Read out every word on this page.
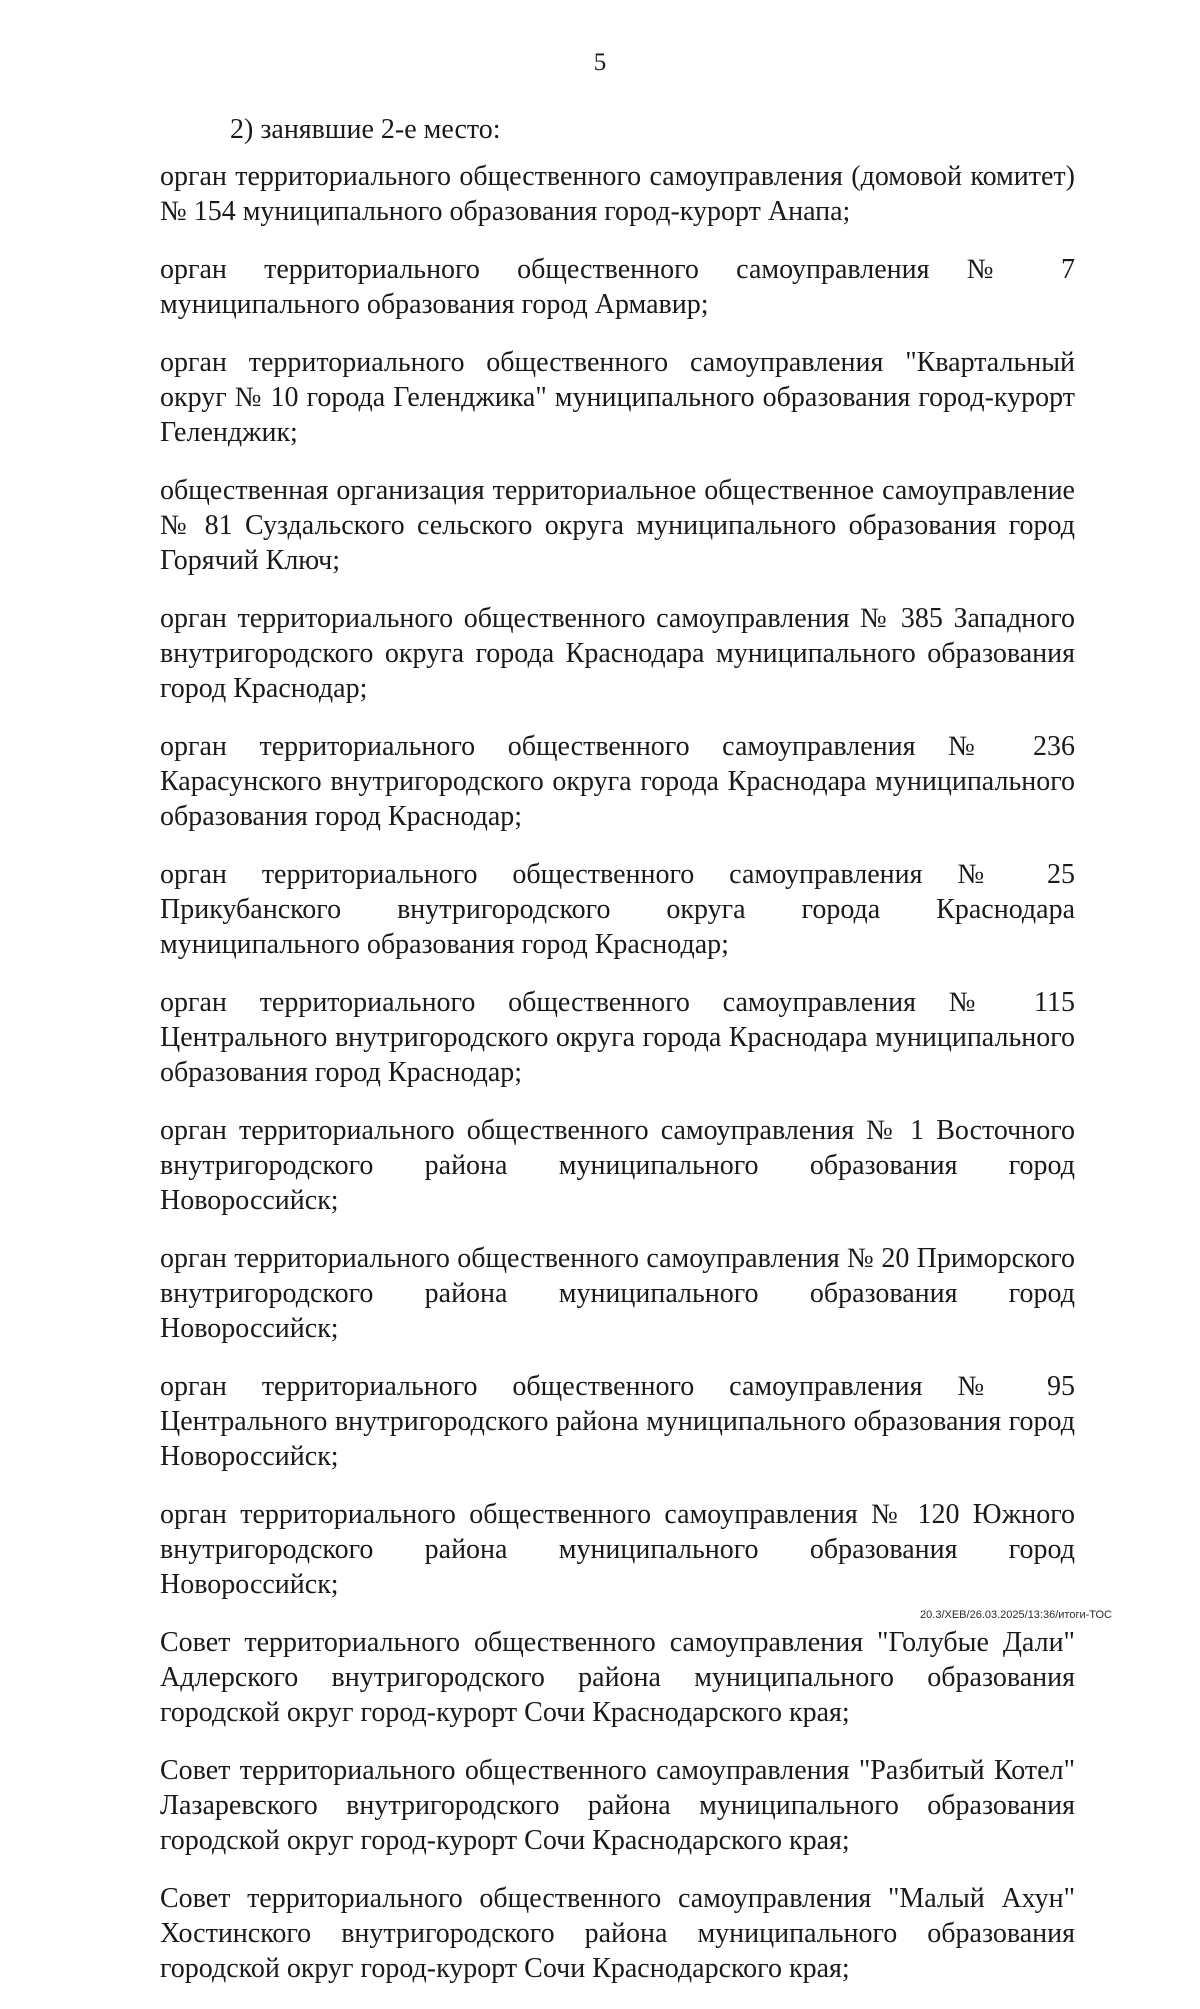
5

2) занявшие 2-е место:

орган территориального общественного самоуправления (домовой комитет) № 154 муниципального образования город-курорт Анапа;

орган территориального общественного самоуправления № 7 муниципального образования город Армавир;

орган территориального общественного самоуправления "Квартальный округ № 10 города Геленджика" муниципального образования город-курорт Геленджик;

общественная организация территориальное общественное самоуправление № 81 Суздальского сельского округа муниципального образования город Горячий Ключ;

орган территориального общественного самоуправления № 385 Западного внутригородского округа города Краснодара муниципального образования город Краснодар;

орган территориального общественного самоуправления № 236 Карасунского внутригородского округа города Краснодара муниципального образования город Краснодар;

орган территориального общественного самоуправления № 25 Прикубанского внутригородского округа города Краснодара муниципального образования город Краснодар;

орган территориального общественного самоуправления № 115 Центрального внутригородского округа города Краснодара муниципального образования город Краснодар;

орган территориального общественного самоуправления № 1 Восточного внутригородского района муниципального образования город Новороссийск;

орган территориального общественного самоуправления № 20 Приморского внутригородского района муниципального образования город Новороссийск;

орган территориального общественного самоуправления № 95 Центрального внутригородского района муниципального образования город Новороссийск;

орган территориального общественного самоуправления № 120 Южного внутригородского района муниципального образования город Новороссийск;

Совет территориального общественного самоуправления "Голубые Дали" Адлерского внутригородского района муниципального образования городской округ город-курорт Сочи Краснодарского края;

Совет территориального общественного самоуправления "Разбитый Котел" Лазаревского внутригородского района муниципального образования городской округ город-курорт Сочи Краснодарского края;

Совет территориального общественного самоуправления "Малый Ахун" Хостинского внутригородского района муниципального образования городской округ город-курорт Сочи Краснодарского края;

20.3/ХЕВ/26.03.2025/13:36/итоги-ТОС
